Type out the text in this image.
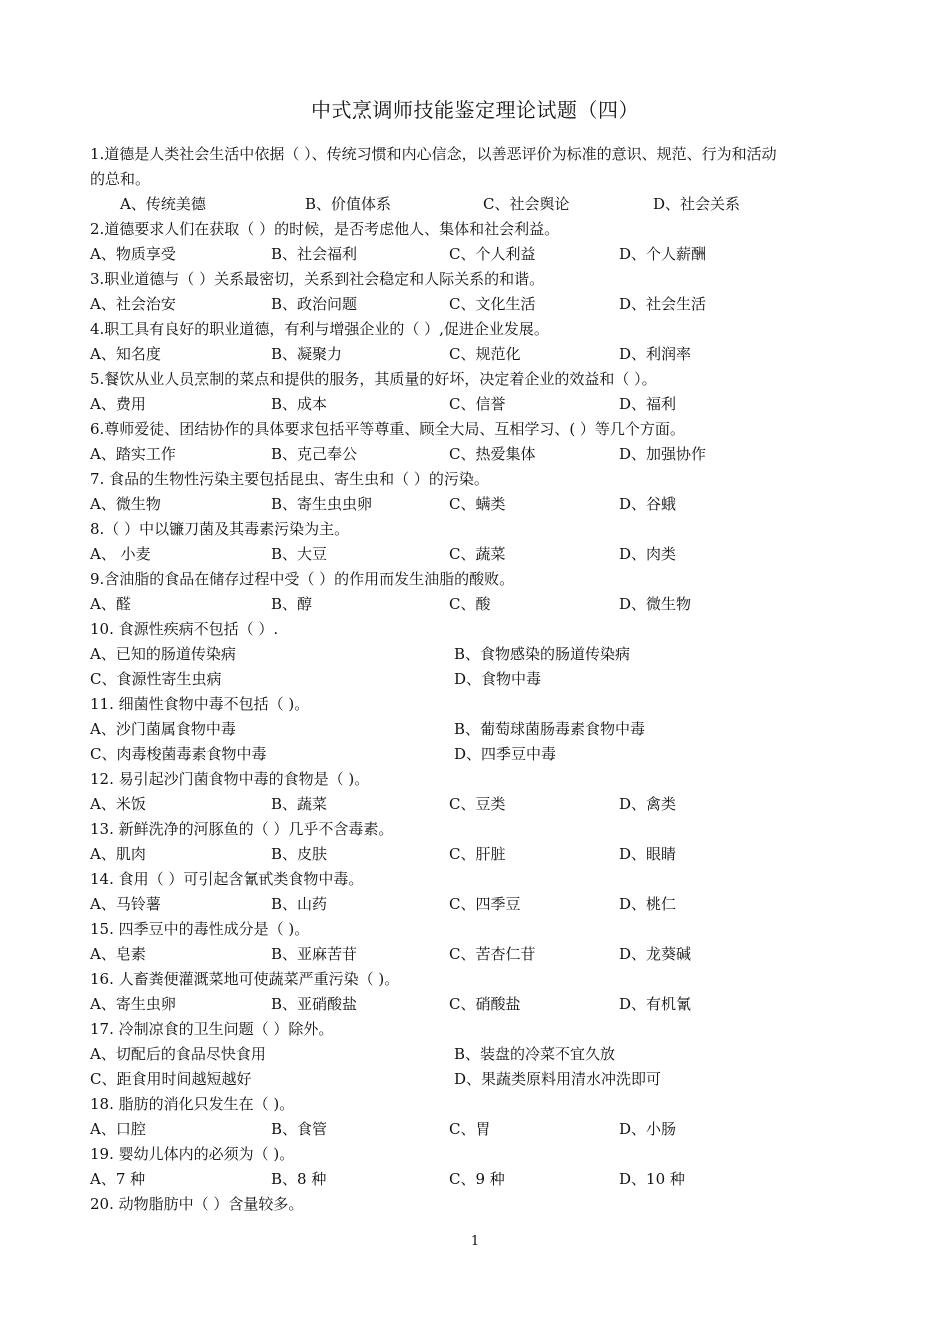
中式烹调师技能鉴定理论试题（四）
1.道德是人类社会生活中依据（ ）、传统习惯和内心信念，以善恶评价为标准的意识、规范、行为和活动
的总和。
A、传统美德	B、价值体系	C、社会舆论	D、社会关系
2.道德要求人们在获取（ ）的时候，是否考虑他人、集体和社会利益。
A、物质享受	B、社会福利	C、个人利益	D、个人薪酬
3.职业道德与（ ）关系最密切，关系到社会稳定和人际关系的和谐。
A、社会治安	B、政治问题	C、文化生活	D、社会生活
4.职工具有良好的职业道德，有利与增强企业的（ ）,促进企业发展。
A、知名度	B、凝聚力	C、规范化	D、利润率
5.餐饮从业人员烹制的菜点和提供的服务，其质量的好坏，决定着企业的效益和（ ）。
A、费用	B、成本	C、信誉	D、福利
6.尊师爱徒、团结协作的具体要求包括平等尊重、顾全大局、互相学习、( ）等几个方面。
A、踏实工作	B、克己奉公	C、热爱集体	D、加强协作
7. 食品的生物性污染主要包括昆虫、寄生虫和（ ）的污染。
A、微生物	B、寄生虫虫卵	C、螨类	D、谷蛾
8.（ ）中以镰刀菌及其毒素污染为主。
A、 小麦	B、大豆	C、蔬菜	D、肉类
9.含油脂的食品在储存过程中受（ ）的作用而发生油脂的酸败。
A、醛	B、醇	C、酸	D、微生物
10. 食源性疾病不包括（ ）.
A、已知的肠道传染病	B、食物感染的肠道传染病
C、食源性寄生虫病	D、食物中毒
11. 细菌性食物中毒不包括（ )。
A、沙门菌属食物中毒	B、葡萄球菌肠毒素食物中毒
C、肉毒梭菌毒素食物中毒	D、四季豆中毒
12. 易引起沙门菌食物中毒的食物是（ )。
A、米饭	B、蔬菜	C、豆类	D、禽类
13. 新鲜洗净的河豚鱼的（ ）几乎不含毒素。
A、肌肉	B、皮肤	C、肝脏	D、眼睛
14. 食用（ ）可引起含氰甙类食物中毒。
A、马铃薯	B、山药	C、四季豆	D、桃仁
15. 四季豆中的毒性成分是（ )。
A、皂素	B、亚麻苦苷	C、苦杏仁苷	D、龙葵碱
16. 人畜粪便灌溉菜地可使蔬菜严重污染（ )。
A、寄生虫卵	B、亚硝酸盐	C、硝酸盐	D、有机氰
17. 冷制凉食的卫生问题（ ）除外。
A、切配后的食品尽快食用	B、装盘的冷菜不宜久放
C、距食用时间越短越好	D、果蔬类原料用清水冲洗即可
18. 脂肪的消化只发生在（ )。
A、口腔	B、食管	C、胃	D、小肠
19. 婴幼儿体内的必须为（ )。
A、7 种	B、8 种	C、9 种	D、10 种
20. 动物脂肪中（ ）含量较多。
1
